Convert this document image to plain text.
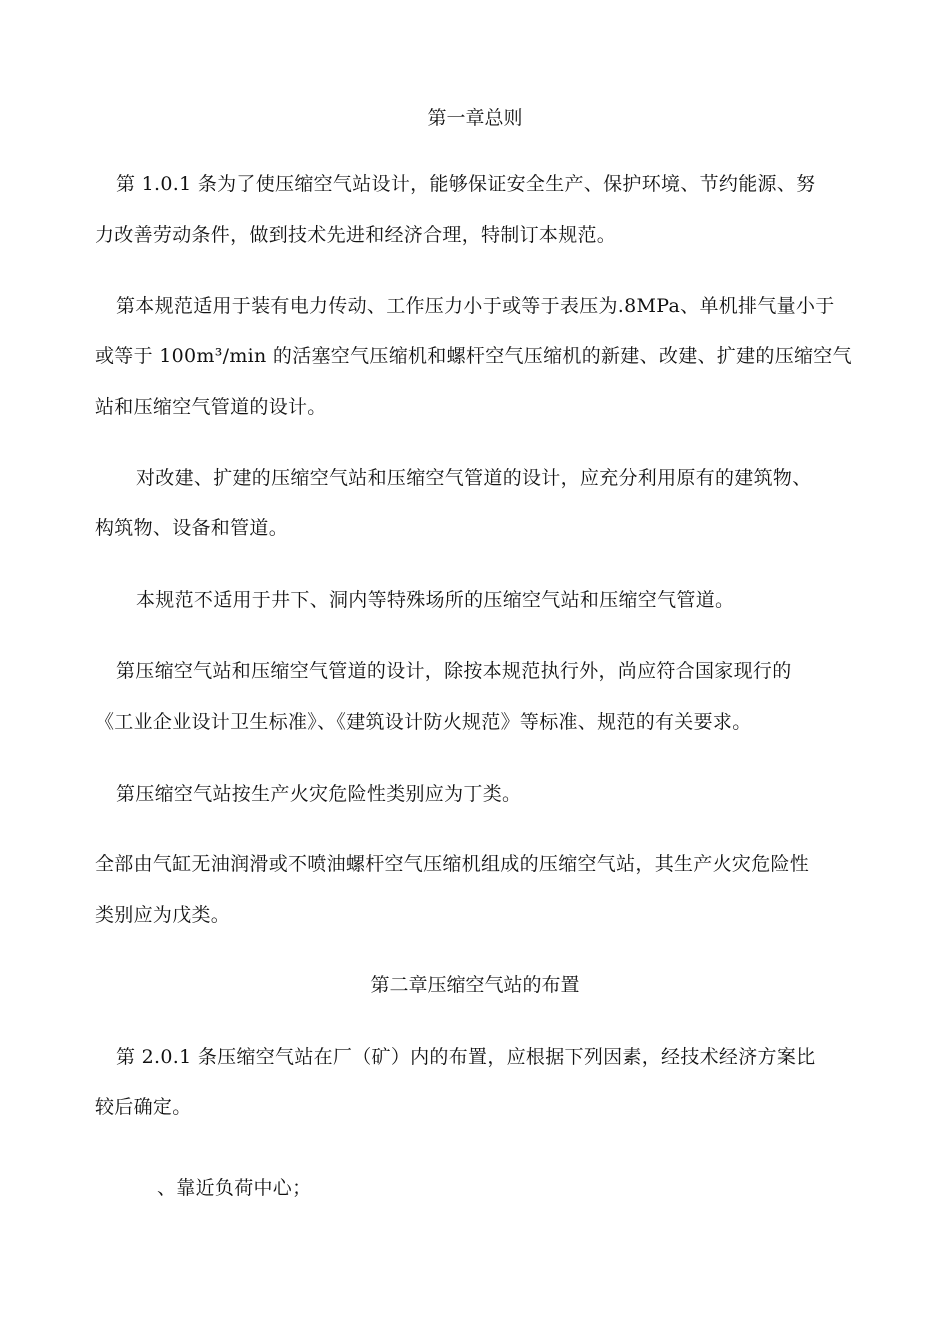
第一章总则
第 1.0.1 条为了使压缩空气站设计，能够保证安全生产、保护环境、节约能源、努
力改善劳动条件，做到技术先进和经济合理，特制订本规范。
第本规范适用于装有电力传动、工作压力小于或等于表压为.8MPa、单机排气量小于
或等于 100m³/min 的活塞空气压缩机和螺杆空气压缩机的新建、改建、扩建的压缩空气
站和压缩空气管道的设计。
对改建、扩建的压缩空气站和压缩空气管道的设计，应充分利用原有的建筑物、
构筑物、设备和管道。
本规范不适用于井下、洞内等特殊场所的压缩空气站和压缩空气管道。
第压缩空气站和压缩空气管道的设计，除按本规范执行外，尚应符合国家现行的
《工业企业设计卫生标准》、《建筑设计防火规范》等标准、规范的有关要求。
第压缩空气站按生产火灾危险性类别应为丁类。
全部由气缸无油润滑或不喷油螺杆空气压缩机组成的压缩空气站，其生产火灾危险性
类别应为戊类。
第二章压缩空气站的布置
第 2.0.1 条压缩空气站在厂（矿）内的布置，应根据下列因素，经技术经济方案比
较后确定。
、靠近负荷中心；
